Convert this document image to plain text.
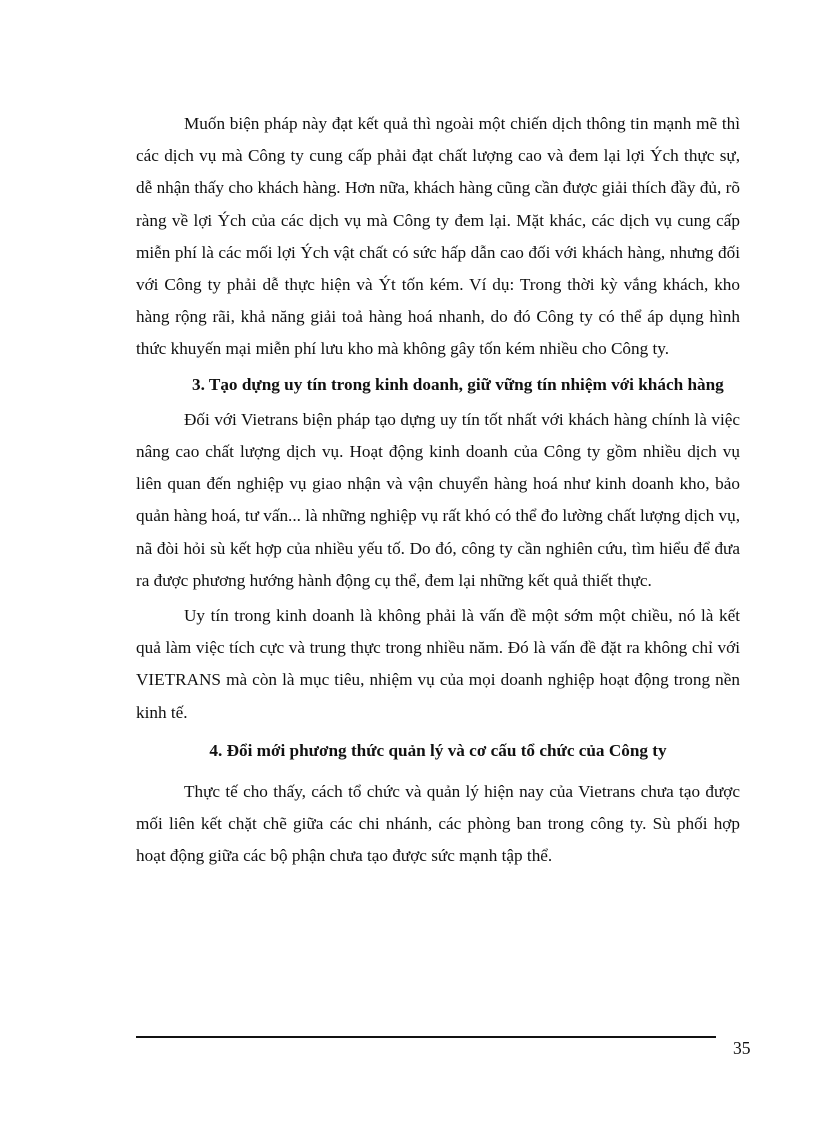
Muốn biện pháp này đạt kết quả thì ngoài một chiến dịch thông tin mạnh mẽ thì các dịch vụ mà Công ty cung cấp phải đạt chất lượng cao và đem lại lợi Ých thực sự, dễ nhận thấy cho khách hàng. Hơn nữa, khách hàng cũng cần được giải thích đầy đủ, rõ ràng về lợi Ých của các dịch vụ mà Công ty đem lại. Mặt khác, các dịch vụ cung cấp miễn phí là các mối lợi Ých vật chất có sức hấp dẫn cao đối với khách hàng, nhưng đối với Công ty phải dễ thực hiện và Ýt tốn kém. Ví dụ: Trong thời kỳ vắng khách, kho hàng rộng rãi, khả năng giải toả hàng hoá nhanh, do đó Công ty có thể áp dụng hình thức khuyến mại miễn phí lưu kho mà không gây tốn kém nhiều cho Công ty.

3. Tạo dựng uy tín trong kinh doanh, giữ vững tín nhiệm với khách hàng

Đối với Vietrans biện pháp tạo dựng uy tín tốt nhất với khách hàng chính là việc nâng cao chất lượng dịch vụ. Hoạt động kinh doanh của Công ty gồm nhiều dịch vụ liên quan đến nghiệp vụ giao nhận và vận chuyển hàng hoá như kinh doanh kho, bảo quản hàng hoá, tư vấn... là những nghiệp vụ rất khó có thể đo lường chất lượng dịch vụ, nã đòi hỏi sù kết hợp của nhiều yếu tố. Do đó, công ty cần nghiên cứu, tìm hiểu để đưa ra được phương hướng hành động cụ thể, đem lại những kết quả thiết thực.

Uy tín trong kinh doanh là không phải là vấn đề một sớm một chiều, nó là kết quả làm việc tích cực và trung thực trong nhiều năm. Đó là vấn đề đặt ra không chỉ với VIETRANS mà còn là mục tiêu, nhiệm vụ của mọi doanh nghiệp hoạt động trong nền kinh tế.

4. Đổi mới phương thức quản lý và cơ cấu tổ chức của Công ty

Thực tế cho thấy, cách tổ chức và quản lý hiện nay của Vietrans chưa tạo được mối liên kết chặt chẽ giữa các chi nhánh, các phòng ban trong công ty. Sù phối hợp hoạt động giữa các bộ phận chưa tạo được sức mạnh tập thể.

35
